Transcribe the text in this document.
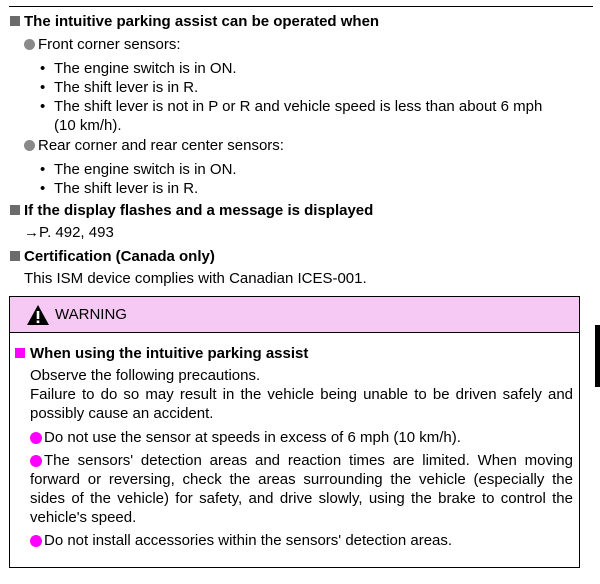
The intuitive parking assist can be operated when
Front corner sensors:
• The engine switch is in ON.
• The shift lever is in R.
• The shift lever is not in P or R and vehicle speed is less than about 6 mph
(10 km/h).
Rear corner and rear center sensors:
• The engine switch is in ON.
• The shift lever is in R.
If the display flashes and a message is displayed
→P. 492, 493
Certification (Canada only)
This ISM device complies with Canadian ICES-001.
WARNING
When using the intuitive parking assist
Observe the following precautions.
Failure to do so may result in the vehicle being unable to be driven safely and possibly cause an accident.
Do not use the sensor at speeds in excess of 6 mph (10 km/h).
The sensors' detection areas and reaction times are limited. When moving forward or reversing, check the areas surrounding the vehicle (especially the sides of the vehicle) for safety, and drive slowly, using the brake to control the vehicle's speed.
Do not install accessories within the sensors' detection areas.
